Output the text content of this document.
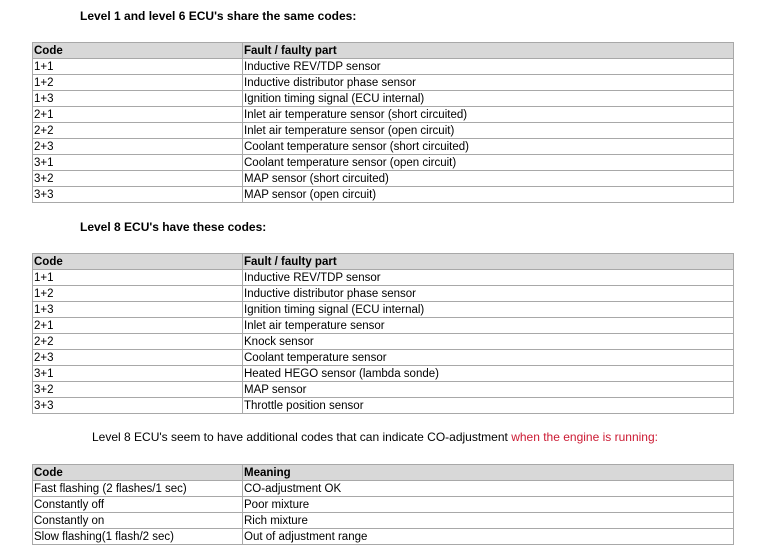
Level 1 and level 6 ECU's share the same codes:

Code	Fault / faulty part
1+1	Inductive REV/TDP sensor
1+2	Inductive distributor phase sensor
1+3	Ignition timing signal (ECU internal)
2+1	Inlet air temperature sensor (short circuited)
2+2	Inlet air temperature sensor (open circuit)
2+3	Coolant temperature sensor (short circuited)
3+1	Coolant temperature sensor (open circuit)
3+2	MAP sensor (short circuited)
3+3	MAP sensor (open circuit)

Level 8 ECU's have these codes:

Code	Fault / faulty part
1+1	Inductive REV/TDP sensor
1+2	Inductive distributor phase sensor
1+3	Ignition timing signal (ECU internal)
2+1	Inlet air temperature sensor
2+2	Knock sensor
2+3	Coolant temperature sensor
3+1	Heated HEGO sensor (lambda sonde)
3+2	MAP sensor
3+3	Throttle position sensor

Level 8 ECU's seem to have additional codes that can indicate CO-adjustment when the engine is running:

Code	Meaning
Fast flashing (2 flashes/1 sec)	CO-adjustment OK
Constantly off	Poor mixture
Constantly on	Rich mixture
Slow flashing(1 flash/2 sec)	Out of adjustment range
